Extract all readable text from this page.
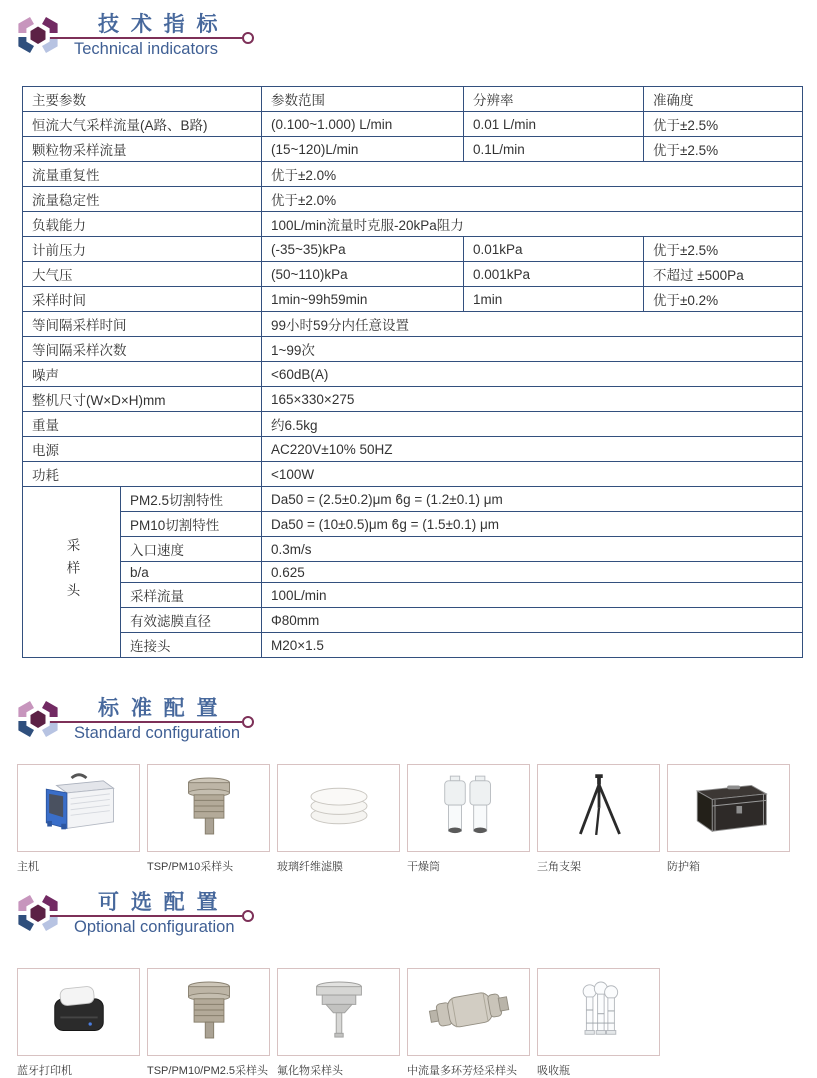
技 术 指 标
Technical indicators
主要参数		参数范围	分辨率	准确度
恒流大气采样流量(A路、B路)		(0.100~1.000) L/min	0.01 L/min	优于±2.5%
颗粒物采样流量		(15~120)L/min	0.1L/min	优于±2.5%
流量重复性		优于±2.0%		
流量稳定性		优于±2.0%		
负载能力		100L/min流量时克服-20kPa阻力		
计前压力		(-35~35)kPa	0.01kPa	优于±2.5%
大气压		(50~110)kPa	0.001kPa	不超过 ±500Pa
采样时间		1min~99h59min	1min	优于±0.2%
等间隔采样时间		99小时59分内任意设置		
等间隔采样次数		1~99次		
噪声		<60dB(A)		
整机尺寸(W×D×H)mm		165×330×275		
重量		约6.5kg		
电源		AC220V±10% 50HZ		
功耗		<100W		
采样头	PM2.5切割特性	Da50 = (2.5±0.2)μm ϐg = (1.2±0.1) μm		
	PM10切割特性	Da50 = (10±0.5)μm ϐg = (1.5±0.1) μm		
	入口速度	0.3m/s		
	b/a	0.625		
	采样流量	100L/min		
	有效滤膜直径	Φ80mm		
	连接头	M20×1.5		
标 准 配 置
Standard configuration
主机	TSP/PM10采样头	玻璃纤维滤膜	干燥筒	三角支架	防护箱
可 选 配 置
Optional configuration
蓝牙打印机	TSP/PM10/PM2.5采样头 氟化物采样头	中流量多环芳烃采样头	吸收瓶
